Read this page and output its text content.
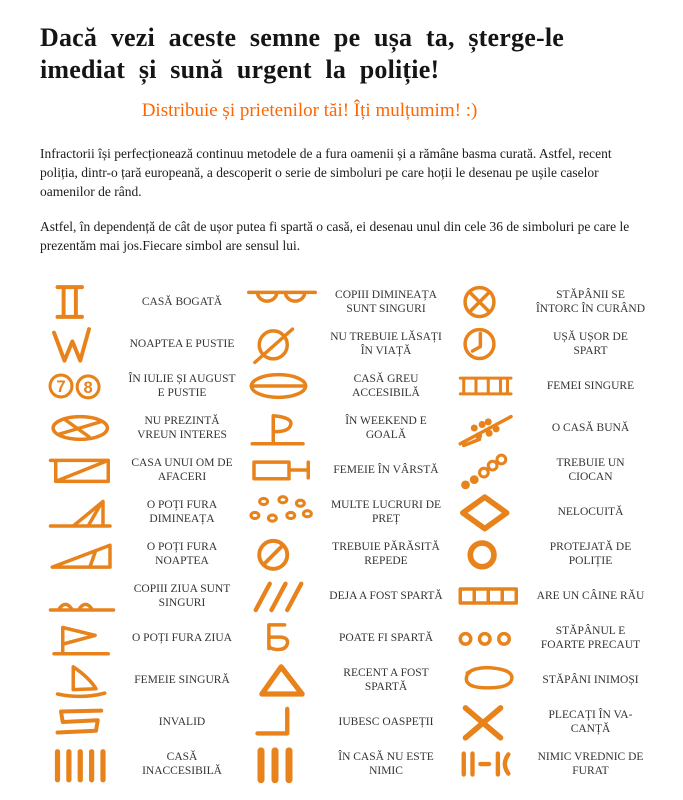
Dacă vezi aceste semne pe ușa ta, șterge-le imediat și sună urgent la poliție!
Distribuie și prietenilor tăi! Îți mulțumim! :)

Infractorii își perfecționează continuu metodele de a fura oamenii și a rămâne basma curată. Astfel, recent poliția, dintr-o țară europeană, a descoperit o serie de simboluri pe care hoții le desenau pe ușile caselor oamenilor de rând.

Astfel, în dependență de cât de ușor putea fi spartă o casă, ei desenau unul din cele 36 de simboluri pe care le prezentăm mai jos.Fiecare simbol are sensul lui.

CASĂ BOGATĂ
NOAPTEA E PUSTIE
7 8	ÎN IULIE ȘI AUGUST E PUSTIE
NU PREZINTĂ VREUN INTERES
CASA UNUI OM DE AFACERI
O POȚI FURA DIMINEAȚA
O POȚI FURA NOAPTEA
COPIII ZIUA SUNT SINGURI
O POȚI FURA ZIUA
FEMEIE SINGURĂ
INVALID
CASĂ INACCESIBILĂ
COPIII DIMINEAȚA SUNT SINGURI
NU TREBUIE LĂSAȚI ÎN VIAȚĂ
CASĂ GREU ACCESIBILĂ
ÎN WEEKEND E GOALĂ
FEMEIE ÎN VÂRSTĂ
MULTE LUCRURI DE PREȚ
TREBUIE PĂRĂSITĂ REPEDE
DEJA A FOST SPARTĂ
POATE FI SPARTĂ
RECENT A FOST SPARTĂ
IUBESC OASPEȚII
ÎN CASĂ NU ESTE NIMIC
STĂPÂNII SE ÎNTORC ÎN CURÂND
UȘĂ UȘOR DE SPART
FEMEI SINGURE
O CASĂ BUNĂ
TREBUIE UN CIOCAN
NELOCUITĂ
PROTEJATĂ DE POLIȚIE
ARE UN CÂINE RĂU
STĂPÂNUL E FOARTE PRECAUT
STĂPÂNI INIMOȘI
PLECAȚI ÎN VA-CANȚĂ
NIMIC VREDNIC DE FURAT
